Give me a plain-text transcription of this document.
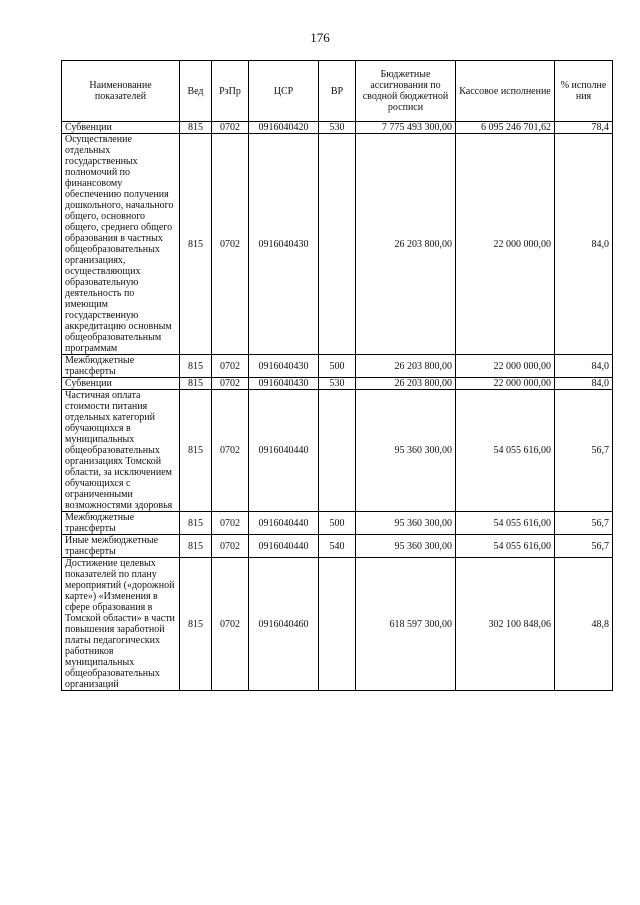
176
Наименование показателей	Вед	РзПр	ЦСР	ВР	Бюджетные ассигнования по сводной бюджетной росписи	Кассовое исполнение	% исполне ния
Субвенции	815	0702	0916040420	530	7 775 493 300,00	6 095 246 701,62	78,4
Осуществление отдельных государственных полномочий по финансовому обеспечению получения дошкольного, начального общего, основного общего, среднего общего образования в частных общеобразовательных организациях, осуществляющих образовательную деятельность по имеющим государственную аккредитацию основным общеобразовательным программам	815	0702	0916040430		26 203 800,00	22 000 000,00	84,0
Межбюджетные трансферты	815	0702	0916040430	500	26 203 800,00	22 000 000,00	84,0
Субвенции	815	0702	0916040430	530	26 203 800,00	22 000 000,00	84,0
Частичная оплата стоимости питания отдельных категорий обучающихся в муниципальных общеобразовательных организациях Томской области, за исключением обучающихся с ограниченными возможностями здоровья	815	0702	0916040440		95 360 300,00	54 055 616,00	56,7
Межбюджетные трансферты	815	0702	0916040440	500	95 360 300,00	54 055 616,00	56,7
Иные межбюджетные трансферты	815	0702	0916040440	540	95 360 300,00	54 055 616,00	56,7
Достижение целевых показателей по плану мероприятий («дорожной карте») «Изменения в сфере образования в Томской области» в части повышения заработной платы педагогических работников муниципальных общеобразовательных организаций	815	0702	0916040460		618 597 300,00	302 100 848,06	48,8
